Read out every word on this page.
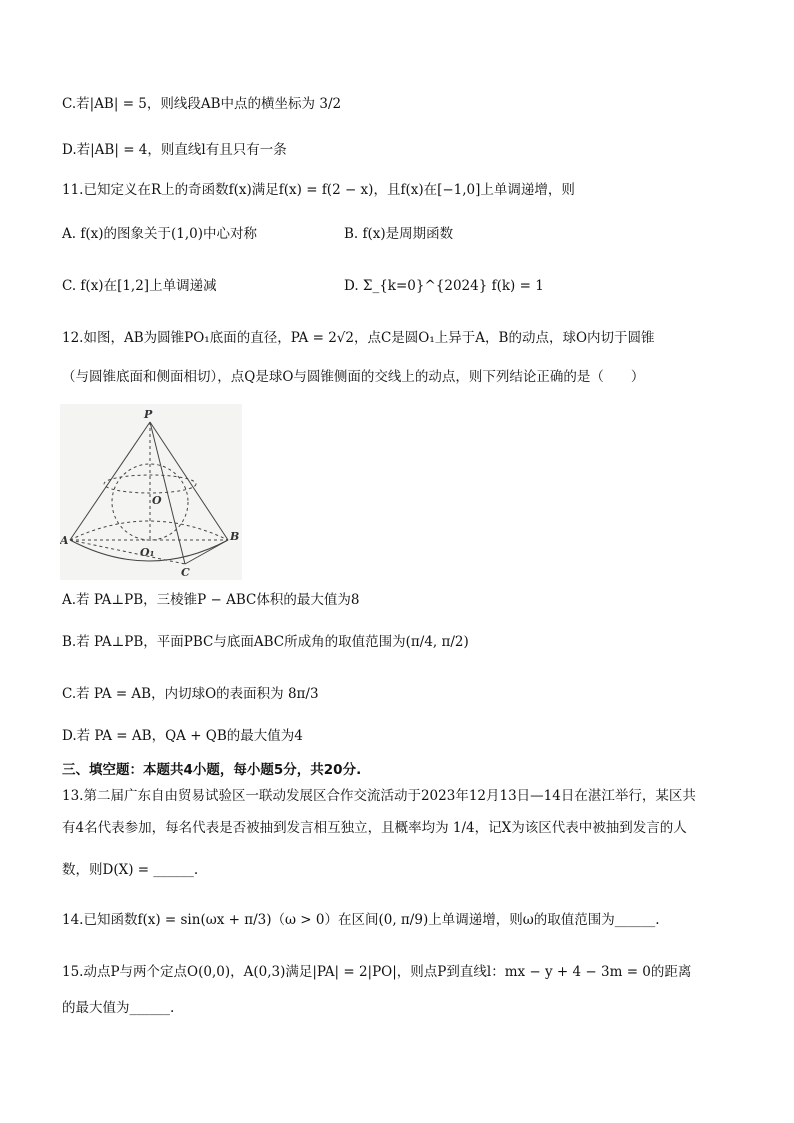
C.若|AB| = 5，则线段AB中点的横坐标为 3/2
D.若|AB| = 4，则直线l有且只有一条
11.已知定义在R上的奇函数f(x)满足f(x) = f(2 − x)，且f(x)在[−1,0]上单调递增，则
A. f(x)的图象关于(1,0)中心对称	B. f(x)是周期函数
C. f(x)在[1,2]上单调递减	D. Σ_{k=0}^{2024} f(k) = 1
12.如图，AB为圆锥PO₁底面的直径，PA = 2√2，点C是圆O₁上异于A，B的动点，球O内切于圆锥
（与圆锥底面和侧面相切），点Q是球O与圆锥侧面的交线上的动点，则下列结论正确的是（　　）
P
O
O₁
A	B
C
A.若 PA⊥PB，三棱锥P − ABC体积的最大值为8
B.若 PA⊥PB，平面PBC与底面ABC所成角的取值范围为(π/4, π/2)
C.若 PA = AB，内切球O的表面积为 8π/3
D.若 PA = AB，QA + QB的最大值为4
三、填空题：本题共4小题，每小题5分，共20分.
13.第二届广东自由贸易试验区一联动发展区合作交流活动于2023年12月13日—14日在湛江举行，某区共
有4名代表参加，每名代表是否被抽到发言相互独立，且概率均为 1/4，记X为该区代表中被抽到发言的人
数，则D(X) = ______.
14.已知函数f(x) = sin(ωx + π/3)（ω > 0）在区间(0, π/9)上单调递增，则ω的取值范围为______.
15.动点P与两个定点O(0,0)，A(0,3)满足|PA| = 2|PO|，则点P到直线l：mx − y + 4 − 3m = 0的距离
的最大值为______.
